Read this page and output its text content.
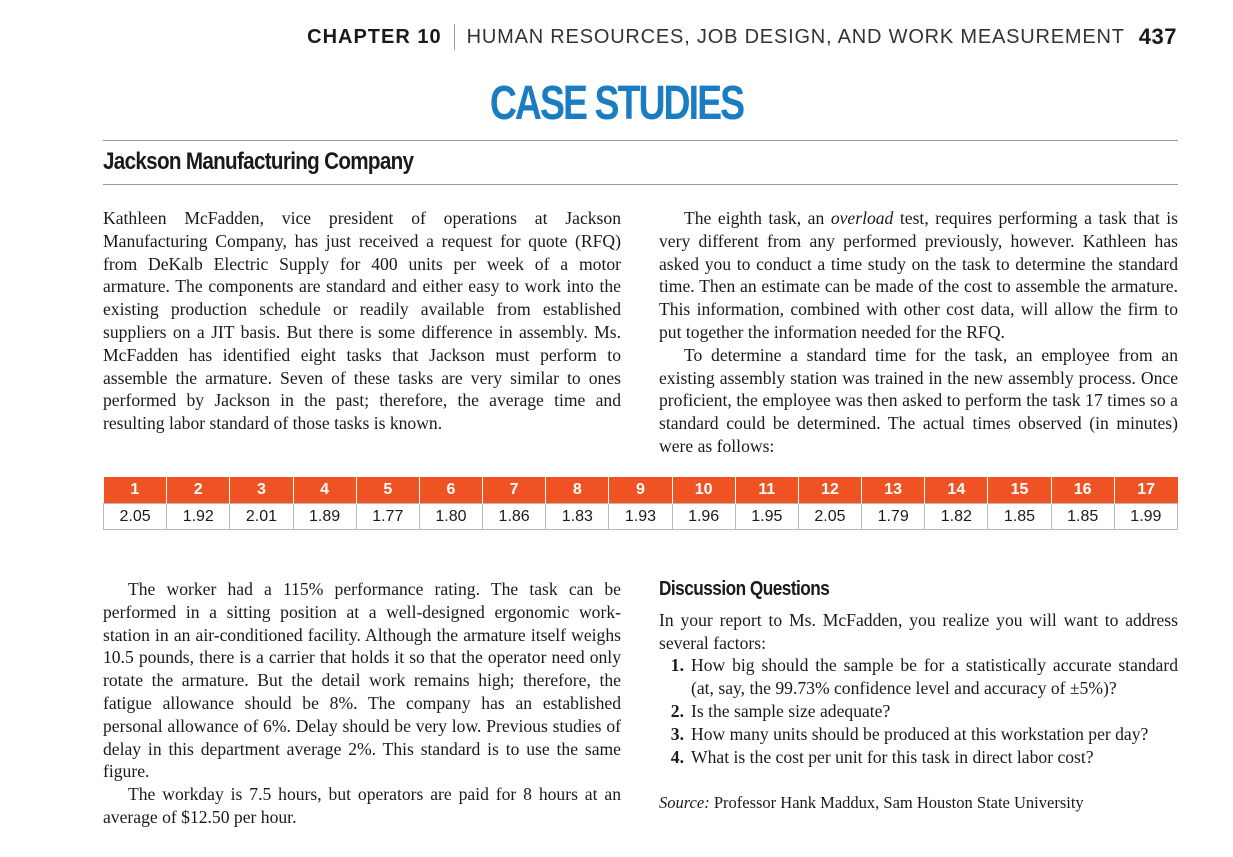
CHAPTER 10 HUMAN RESOURCES, JOB DESIGN, AND WORK MEASUREMENT 437
CASE STUDIES
Jackson Manufacturing Company

Kathleen McFadden, vice president of operations at Jackson Manufacturing Company, has just received a request for quote (RFQ) from DeKalb Electric Supply for 400 units per week of a motor armature. The components are standard and either easy to work into the existing production schedule or readily available from established suppliers on a JIT basis. But there is some difference in assembly. Ms. McFadden has identified eight tasks that Jackson must perform to assemble the armature. Seven of these tasks are very similar to ones performed by Jackson in the past; therefore, the average time and resulting labor standard of those tasks is known.

The eighth task, an overload test, requires performing a task that is very different from any performed previously, however. Kathleen has asked you to conduct a time study on the task to determine the standard time. Then an estimate can be made of the cost to assemble the armature. This information, combined with other cost data, will allow the firm to put together the information needed for the RFQ.

To determine a standard time for the task, an employee from an existing assembly station was trained in the new assembly process. Once proficient, the employee was then asked to perform the task 17 times so a standard could be determined. The actual times observed (in minutes) were as follows:

1	2	3	4	5	6	7	8	9	10	11	12	13	14	15	16	17
2.05	1.92	2.01	1.89	1.77	1.80	1.86	1.83	1.93	1.96	1.95	2.05	1.79	1.82	1.85	1.85	1.99

The worker had a 115% performance rating. The task can be performed in a sitting position at a well-designed ergonomic work-station in an air-conditioned facility. Although the armature itself weighs 10.5 pounds, there is a carrier that holds it so that the operator need only rotate the armature. But the detail work remains high; therefore, the fatigue allowance should be 8%. The company has an established personal allowance of 6%. Delay should be very low. Previous studies of delay in this department average 2%. This standard is to use the same figure.

The workday is 7.5 hours, but operators are paid for 8 hours at an average of $12.50 per hour.

Discussion Questions

In your report to Ms. McFadden, you realize you will want to address several factors:

1. How big should the sample be for a statistically accurate standard (at, say, the 99.73% confidence level and accuracy of ±5%)?
2. Is the sample size adequate?
3. How many units should be produced at this workstation per day?
4. What is the cost per unit for this task in direct labor cost?

Source: Professor Hank Maddux, Sam Houston State University
